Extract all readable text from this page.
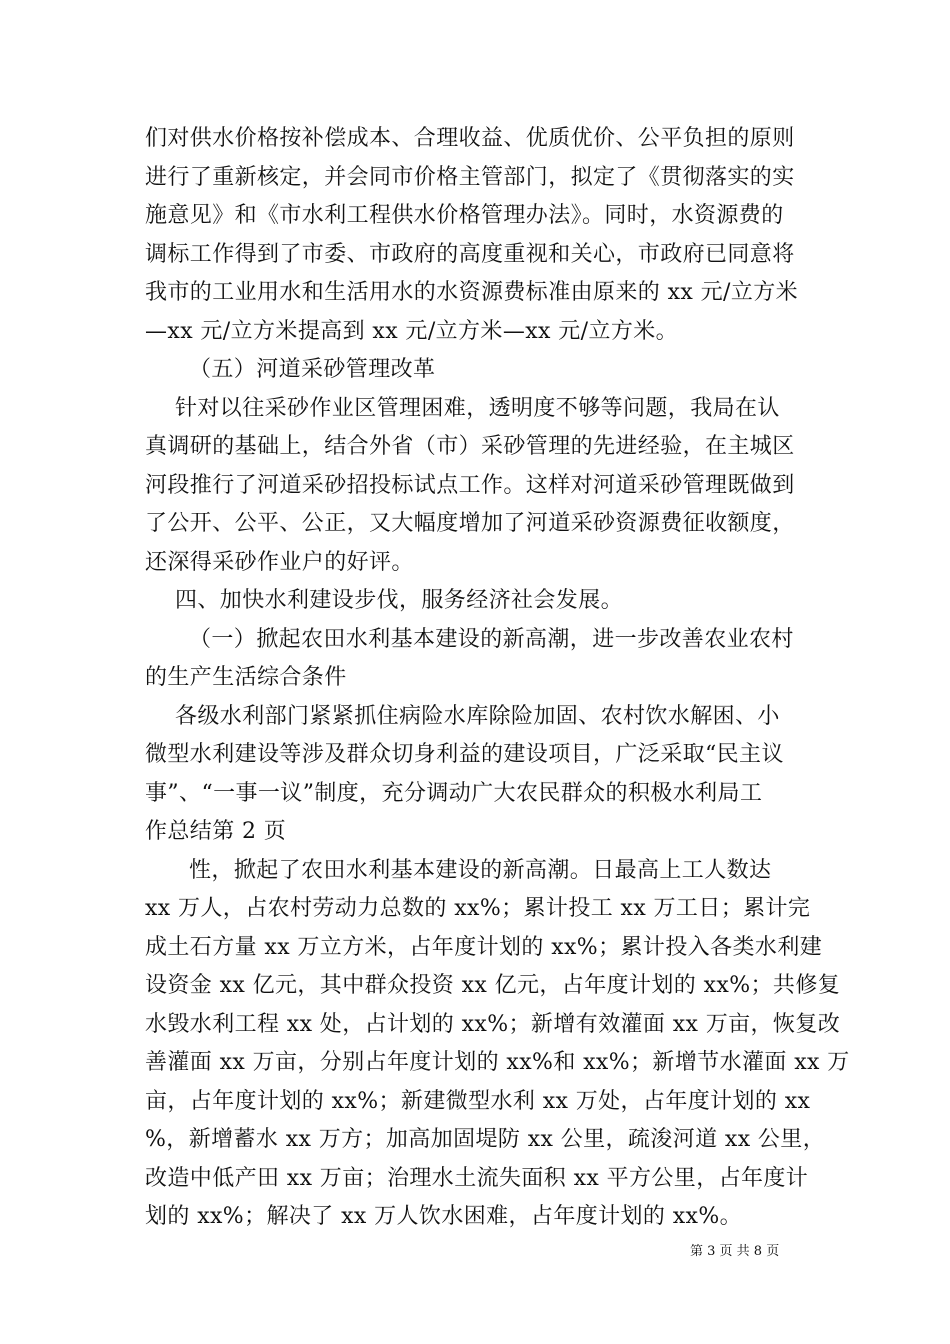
们对供水价格按补偿成本、合理收益、优质优价、公平负担的原则
进行了重新核定，并会同市价格主管部门，拟定了《贯彻落实的实
施意见》和《市水利工程供水价格管理办法》。同时，水资源费的
调标工作得到了市委、市政府的高度重视和关心，市政府已同意将
我市的工业用水和生活用水的水资源费标准由原来的 xx 元/立方米
—xx 元/立方米提高到 xx 元/立方米—xx 元/立方米。
（五）河道采砂管理改革
针对以往采砂作业区管理困难，透明度不够等问题，我局在认
真调研的基础上，结合外省（市）采砂管理的先进经验，在主城区
河段推行了河道采砂招投标试点工作。这样对河道采砂管理既做到
了公开、公平、公正，又大幅度增加了河道采砂资源费征收额度，
还深得采砂作业户的好评。
四、加快水利建设步伐，服务经济社会发展。
（一）掀起农田水利基本建设的新高潮，进一步改善农业农村
的生产生活综合条件
各级水利部门紧紧抓住病险水库除险加固、农村饮水解困、小
微型水利建设等涉及群众切身利益的建设项目，广泛采取“民主议
事”、“一事一议”制度，充分调动广大农民群众的积极水利局工
作总结第 2 页
性，掀起了农田水利基本建设的新高潮。日最高上工人数达
xx 万人，占农村劳动力总数的 xx%；累计投工 xx 万工日；累计完
成土石方量 xx 万立方米，占年度计划的 xx%；累计投入各类水利建
设资金 xx 亿元，其中群众投资 xx 亿元，占年度计划的 xx%；共修复
水毁水利工程 xx 处，占计划的 xx%；新增有效灌面 xx 万亩，恢复改
善灌面 xx 万亩，分别占年度计划的 xx%和 xx%；新增节水灌面 xx 万
亩，占年度计划的 xx%；新建微型水利 xx 万处，占年度计划的 xx
%，新增蓄水 xx 万方；加高加固堤防 xx 公里，疏浚河道 xx 公里，
改造中低产田 xx 万亩；治理水土流失面积 xx 平方公里，占年度计
划的 xx%；解决了 xx 万人饮水困难，占年度计划的 xx%。
第 3 页 共 8 页
